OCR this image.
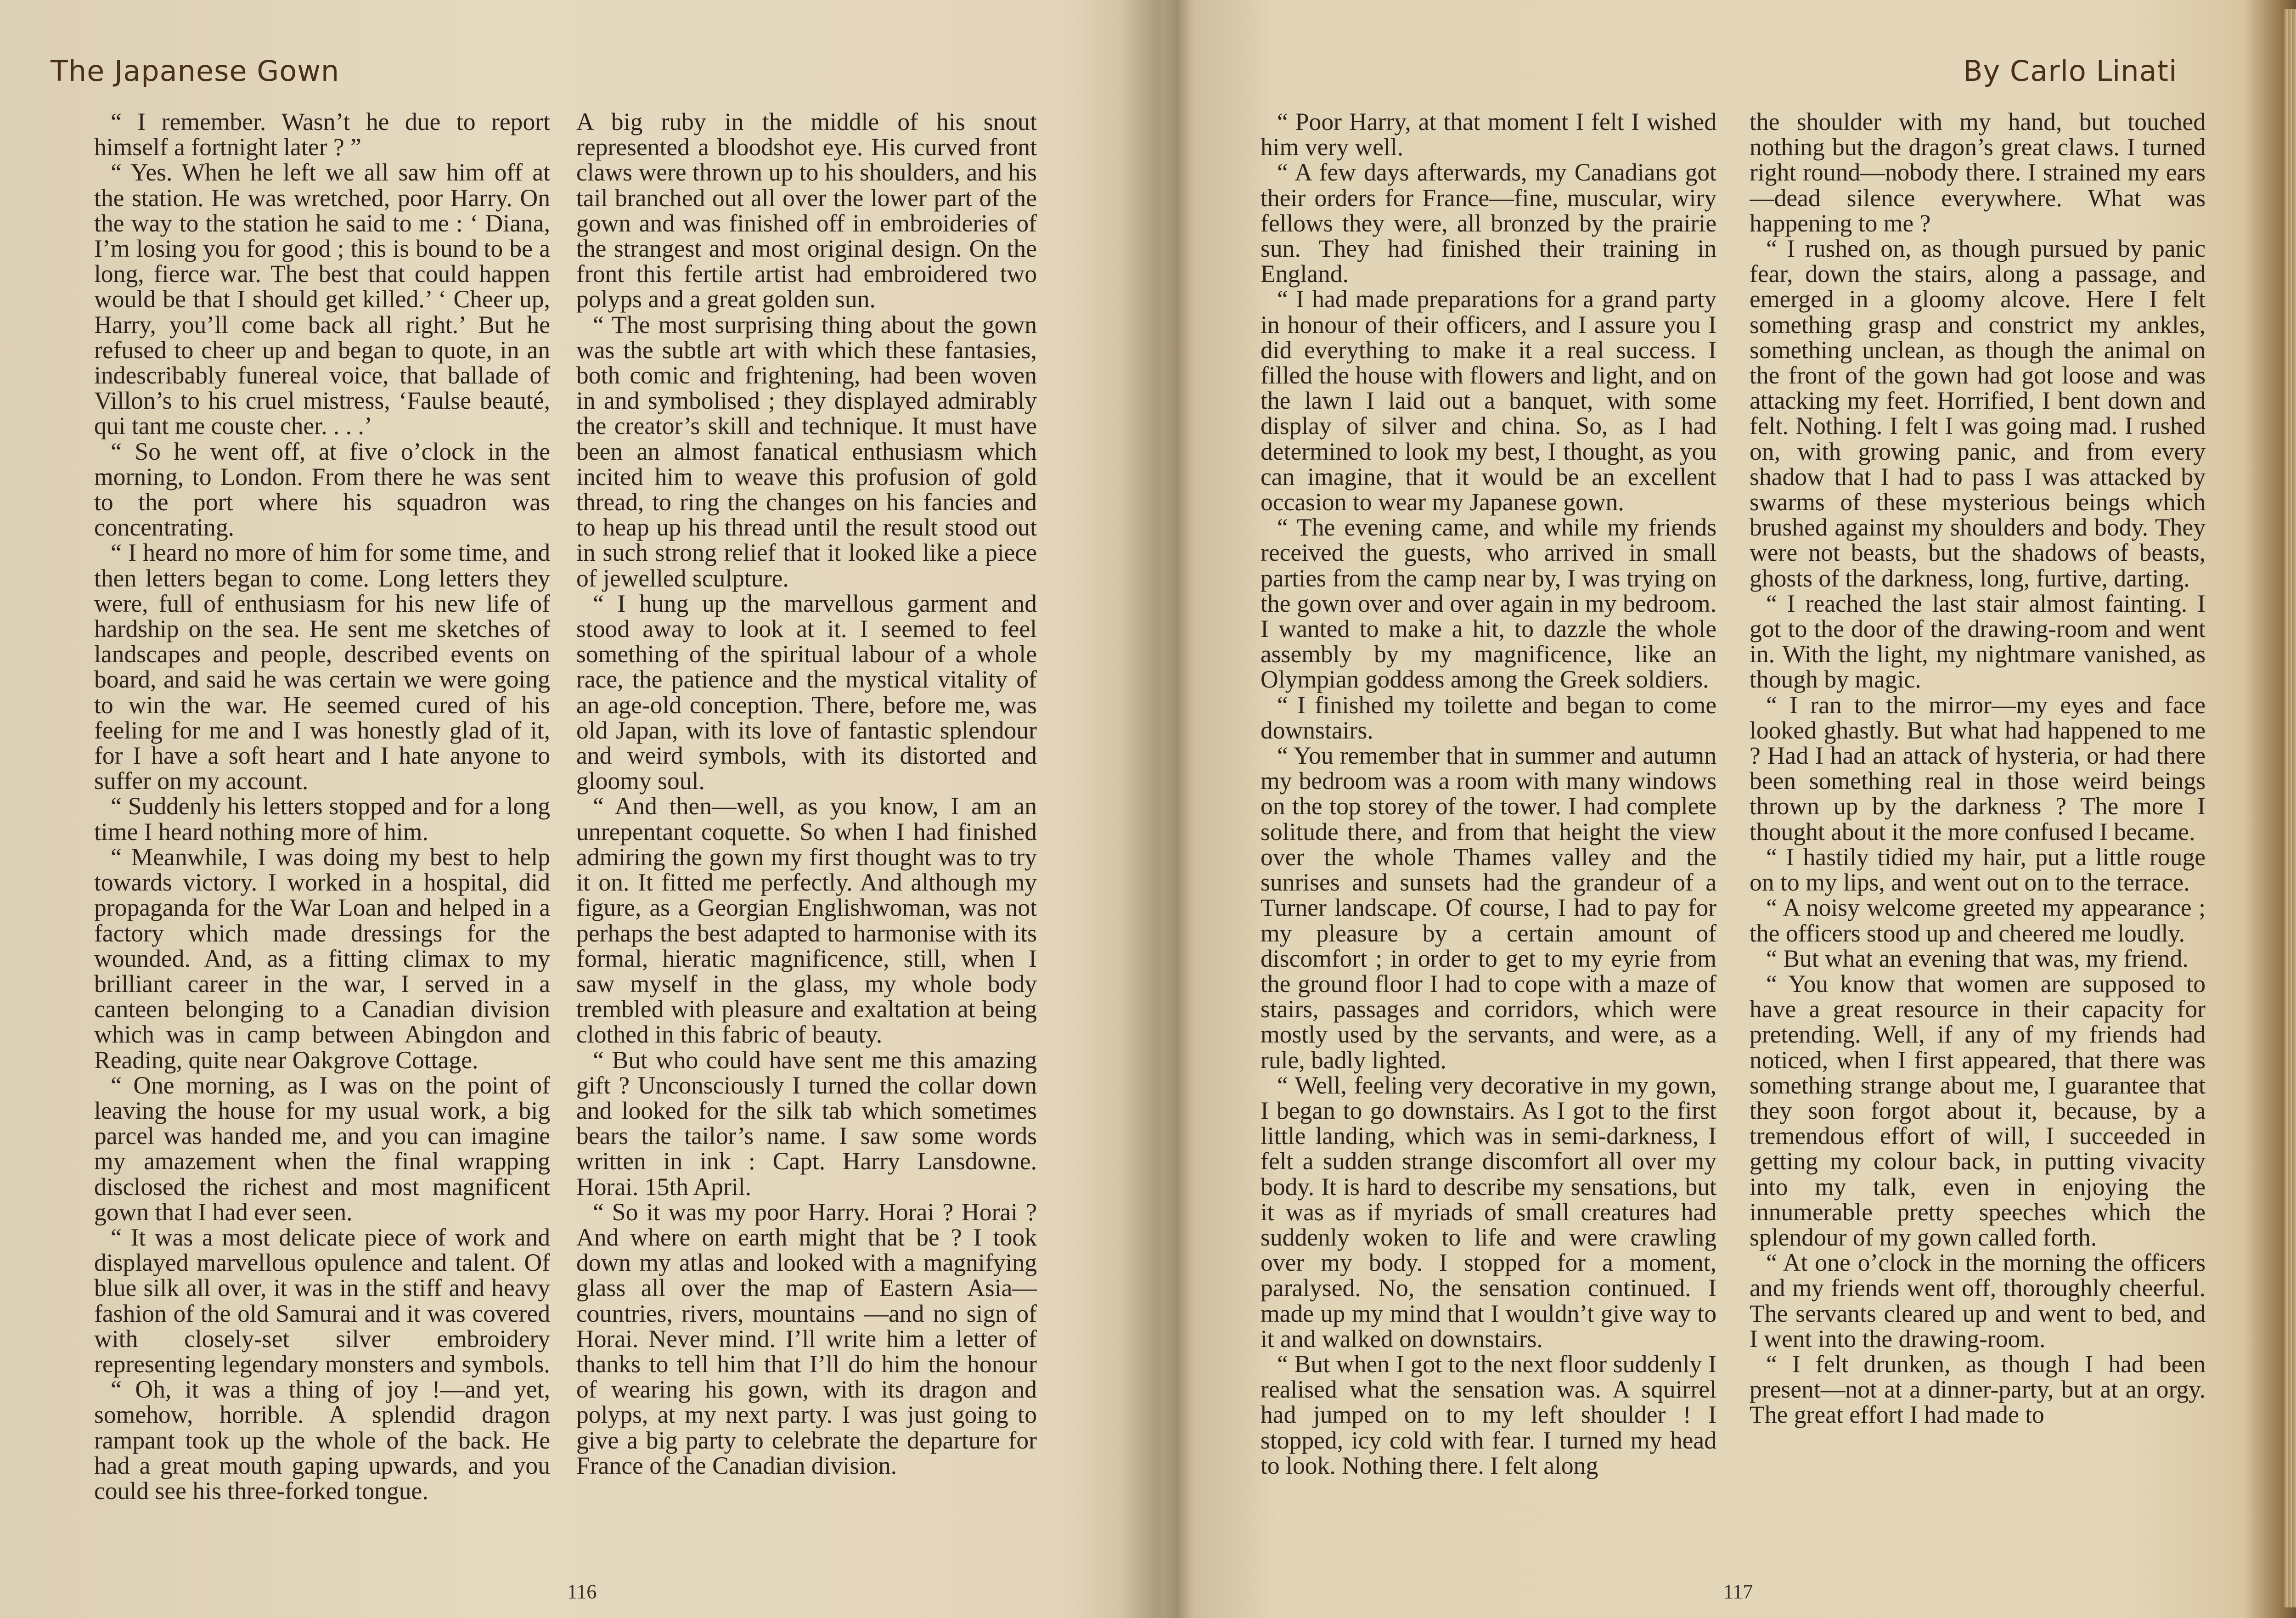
The Japanese Gown	By Carlo Linati

“ I remember. Wasn’t he due to report himself a fortnight later ? ”

“ Yes. When he left we all saw him off at the station. He was wretched, poor Harry. On the way to the station he said to me : ‘ Diana, I’m losing you for good ; this is bound to be a long, fierce war. The best that could happen would be that I should get killed.’ ‘ Cheer up, Harry, you’ll come back all right.’ But he refused to cheer up and began to quote, in an indescribably funereal voice, that ballade of Villon’s to his cruel mistress, ‘Faulse beauté, qui tant me couste cher. . . .’

“ So he went off, at five o’clock in the morning, to London. From there he was sent to the port where his squadron was concentrating.

“ I heard no more of him for some time, and then letters began to come. Long letters they were, full of enthusiasm for his new life of hardship on the sea. He sent me sketches of landscapes and people, described events on board, and said he was certain we were going to win the war. He seemed cured of his feeling for me and I was honestly glad of it, for I have a soft heart and I hate anyone to suffer on my account.

“ Suddenly his letters stopped and for a long time I heard nothing more of him.

“ Meanwhile, I was doing my best to help towards victory. I worked in a hospital, did propaganda for the War Loan and helped in a factory which made dressings for the wounded. And, as a fitting climax to my brilliant career in the war, I served in a canteen belonging to a Canadian division which was in camp between Abingdon and Reading, quite near Oakgrove Cottage.

“ One morning, as I was on the point of leaving the house for my usual work, a big parcel was handed me, and you can imagine my amazement when the final wrapping disclosed the richest and most magnificent gown that I had ever seen.

“ It was a most delicate piece of work and displayed marvellous opulence and talent. Of blue silk all over, it was in the stiff and heavy fashion of the old Samurai and it was covered with closely-set silver embroidery representing legendary monsters and symbols.

“ Oh, it was a thing of joy !—and yet, somehow, horrible. A splendid dragon rampant took up the whole of the back. He had a great mouth gaping upwards, and you could see his three-forked tongue.

A big ruby in the middle of his snout represented a bloodshot eye. His curved front claws were thrown up to his shoulders, and his tail branched out all over the lower part of the gown and was finished off in embroideries of the strangest and most original design. On the front this fertile artist had embroidered two polyps and a great golden sun.

“ The most surprising thing about the gown was the subtle art with which these fantasies, both comic and frightening, had been woven in and symbolised ; they displayed admirably the creator’s skill and technique. It must have been an almost fanatical enthusiasm which incited him to weave this profusion of gold thread, to ring the changes on his fancies and to heap up his thread until the result stood out in such strong relief that it looked like a piece of jewelled sculpture.

“ I hung up the marvellous garment and stood away to look at it. I seemed to feel something of the spiritual labour of a whole race, the patience and the mystical vitality of an age-old conception. There, before me, was old Japan, with its love of fantastic splendour and weird symbols, with its distorted and gloomy soul.

“ And then—well, as you know, I am an unrepentant coquette. So when I had finished admiring the gown my first thought was to try it on. It fitted me perfectly. And although my figure, as a Georgian Englishwoman, was not perhaps the best adapted to harmonise with its formal, hieratic magnificence, still, when I saw myself in the glass, my whole body trembled with pleasure and exaltation at being clothed in this fabric of beauty.

“ But who could have sent me this amazing gift ? Unconsciously I turned the collar down and looked for the silk tab which sometimes bears the tailor’s name. I saw some words written in ink : Capt. Harry Lansdowne. Horai. 15th April.

“ So it was my poor Harry. Horai ? Horai ? And where on earth might that be ? I took down my atlas and looked with a magnifying glass all over the map of Eastern Asia—countries, rivers, mountains —and no sign of Horai. Never mind. I’ll write him a letter of thanks to tell him that I’ll do him the honour of wearing his gown, with its dragon and polyps, at my next party. I was just going to give a big party to celebrate the departure for France of the Canadian division.

“ Poor Harry, at that moment I felt I wished him very well.

“ A few days afterwards, my Canadians got their orders for France—fine, muscular, wiry fellows they were, all bronzed by the prairie sun. They had finished their training in England.

“ I had made preparations for a grand party in honour of their officers, and I assure you I did everything to make it a real success. I filled the house with flowers and light, and on the lawn I laid out a banquet, with some display of silver and china. So, as I had determined to look my best, I thought, as you can imagine, that it would be an excellent occasion to wear my Japanese gown.

“ The evening came, and while my friends received the guests, who arrived in small parties from the camp near by, I was trying on the gown over and over again in my bedroom. I wanted to make a hit, to dazzle the whole assembly by my magnificence, like an Olympian goddess among the Greek soldiers.

“ I finished my toilette and began to come downstairs.

“ You remember that in summer and autumn my bedroom was a room with many windows on the top storey of the tower. I had complete solitude there, and from that height the view over the whole Thames valley and the sunrises and sunsets had the grandeur of a Turner landscape. Of course, I had to pay for my pleasure by a certain amount of discomfort ; in order to get to my eyrie from the ground floor I had to cope with a maze of stairs, passages and corridors, which were mostly used by the servants, and were, as a rule, badly lighted.

“ Well, feeling very decorative in my gown, I began to go downstairs. As I got to the first little landing, which was in semi-darkness, I felt a sudden strange discomfort all over my body. It is hard to describe my sensations, but it was as if myriads of small creatures had suddenly woken to life and were crawling over my body. I stopped for a moment, paralysed. No, the sensation continued. I made up my mind that I wouldn’t give way to it and walked on downstairs.

“ But when I got to the next floor suddenly I realised what the sensation was. A squirrel had jumped on to my left shoulder ! I stopped, icy cold with fear. I turned my head to look. Nothing there. I felt along

the shoulder with my hand, but touched nothing but the dragon’s great claws. I turned right round—nobody there. I strained my ears—dead silence everywhere. What was happening to me ?

“ I rushed on, as though pursued by panic fear, down the stairs, along a passage, and emerged in a gloomy alcove. Here I felt something grasp and constrict my ankles, something unclean, as though the animal on the front of the gown had got loose and was attacking my feet. Horrified, I bent down and felt. Nothing. I felt I was going mad. I rushed on, with growing panic, and from every shadow that I had to pass I was attacked by swarms of these mysterious beings which brushed against my shoulders and body. They were not beasts, but the shadows of beasts, ghosts of the darkness, long, furtive, darting.

“ I reached the last stair almost fainting. I got to the door of the drawing-room and went in. With the light, my nightmare vanished, as though by magic.

“ I ran to the mirror—my eyes and face looked ghastly. But what had happened to me ? Had I had an attack of hysteria, or had there been something real in those weird beings thrown up by the darkness ? The more I thought about it the more confused I became.

“ I hastily tidied my hair, put a little rouge on to my lips, and went out on to the terrace.

“ A noisy welcome greeted my appearance ; the officers stood up and cheered me loudly.

“ But what an evening that was, my friend.

“ You know that women are supposed to have a great resource in their capacity for pretending. Well, if any of my friends had noticed, when I first appeared, that there was something strange about me, I guarantee that they soon forgot about it, because, by a tremendous effort of will, I succeeded in getting my colour back, in putting vivacity into my talk, even in enjoying the innumerable pretty speeches which the splendour of my gown called forth.

“ At one o’clock in the morning the officers and my friends went off, thoroughly cheerful. The servants cleared up and went to bed, and I went into the drawing-room.

“ I felt drunken, as though I had been present—not at a dinner-party, but at an orgy. The great effort I had made to

116	117
